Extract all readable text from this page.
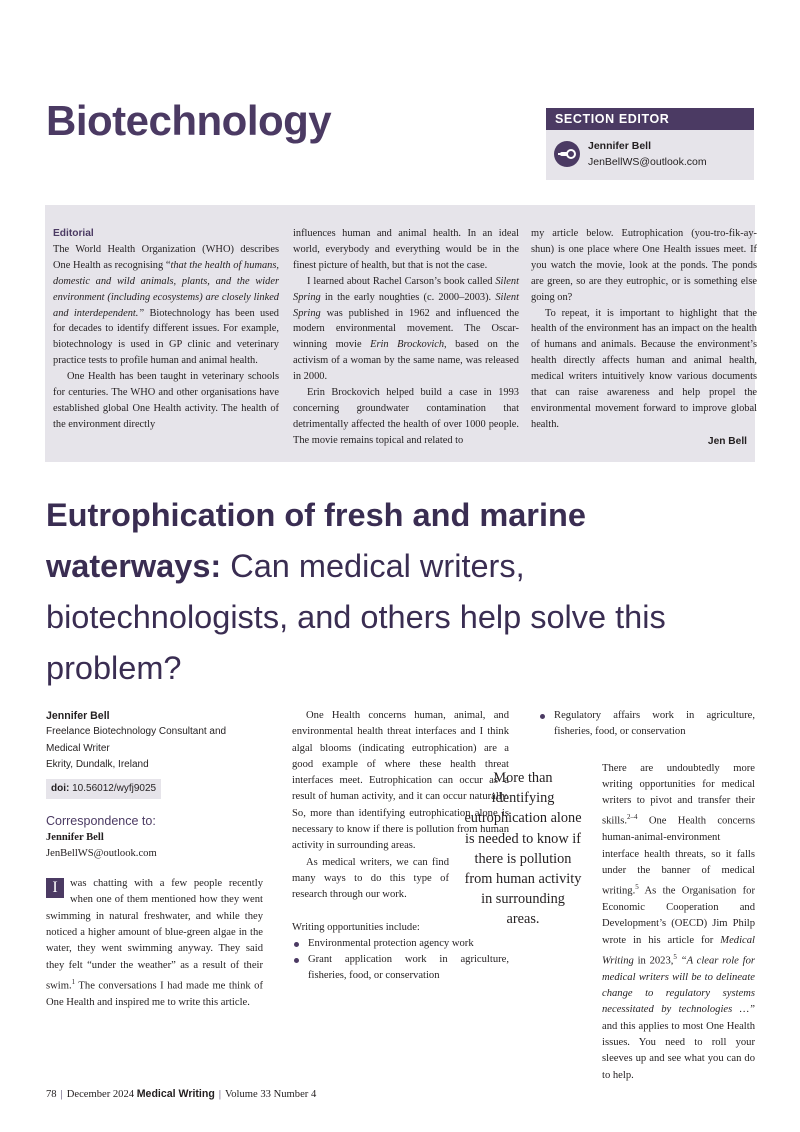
Biotechnology	SECTION EDITOR
Jennifer Bell
JenBellWS@outlook.com
Editorial

The World Health Organization (WHO) describes One Health as recognising “that the health of humans, domestic and wild animals, plants, and the wider environment (including ecosystems) are closely linked and interdependent.” Biotechnology has been used for decades to identify different issues. For example, biotechnology is used in GP clinic and veterinary practice tests to profile human and animal health.

One Health has been taught in veterinary schools for centuries. The WHO and other organisations have established global One Health activity. The health of the environment directly

influences human and animal health. In an ideal world, everybody and everything would be in the finest picture of health, but that is not the case.

I learned about Rachel Carson’s book called Silent Spring in the early noughties (c. 2000–2003). Silent Spring was published in 1962 and influenced the modern environmental movement. The Oscar-winning movie Erin Brockovich, based on the activism of a woman by the same name, was released in 2000.

Erin Brockovich helped build a case in 1993 concerning groundwater contamination that detrimentally affected the health of over 1000 people. The movie remains topical and related to

my article below. Eutrophication (you-tro-fik-ay-shun) is one place where One Health issues meet. If you watch the movie, look at the ponds. The ponds are green, so are they eutrophic, or is something else going on?

To repeat, it is important to highlight that the health of the environment has an impact on the health of humans and animals. Because the environment’s health directly affects human and animal health, medical writers intuitively know various documents that can raise awareness and help propel the environmental movement forward to improve global health.

Jen Bell
Eutrophication of fresh and marine waterways: Can medical writers, biotechnologists, and others help solve this problem?
Jennifer Bell
Freelance Biotechnology Consultant and
Medical Writer
Ekrity, Dundalk, Ireland
doi: 10.56012/wyfj9025
Correspondence to:
Jennifer Bell
JenBellWS@outlook.com

I	was chatting with a few people recently when one of them mentioned how they went swimming in natural freshwater, and while they noticed a higher amount of blue-green algae in the water, they went swimming anyway. They said they felt “under the weather” as a result of their swim.$^1$ The conversations I had made me think of One Health and inspired me to write this article.

One Health concerns human, animal, and environmental health threat interfaces and I think algal blooms (indicating eutrophication) are a good example of where these health threat interfaces meet. Eutrophication can occur as a result of human activity, and it can occur naturally. So, more than identifying eutrophication alone is necessary to know if there is pollution from human activity in surrounding areas.

As medical writers, we can find many ways to do this type of research through our work.

Writing opportunities include:

Environmental protection agency work
Grant application work in agriculture, fisheries, food, or conservation
More than identifying eutrophication alone is needed to know if there is pollution from human activity in surrounding areas.
Regulatory affairs work in agriculture, fisheries, food, or conservation

There are undoubtedly more writing opportunities for medical writers to pivot and transfer their skills.$^{2-4}$ One Health concerns human-animal-environment interface health threats, so it falls under the banner of medical writing.$^5$ As the Organisation for Economic Cooperation and Development’s (OECD) Jim Philp wrote in his article for Medical Writing in 2023,$^5$ “A clear role for medical writers will be to delineate change to regulatory systems necessitated by technologies …” and this applies to most One Health issues. You need to roll your sleeves up and see what you can do to help.

78 | December 2024 Medical Writing | Volume 33 Number 4
